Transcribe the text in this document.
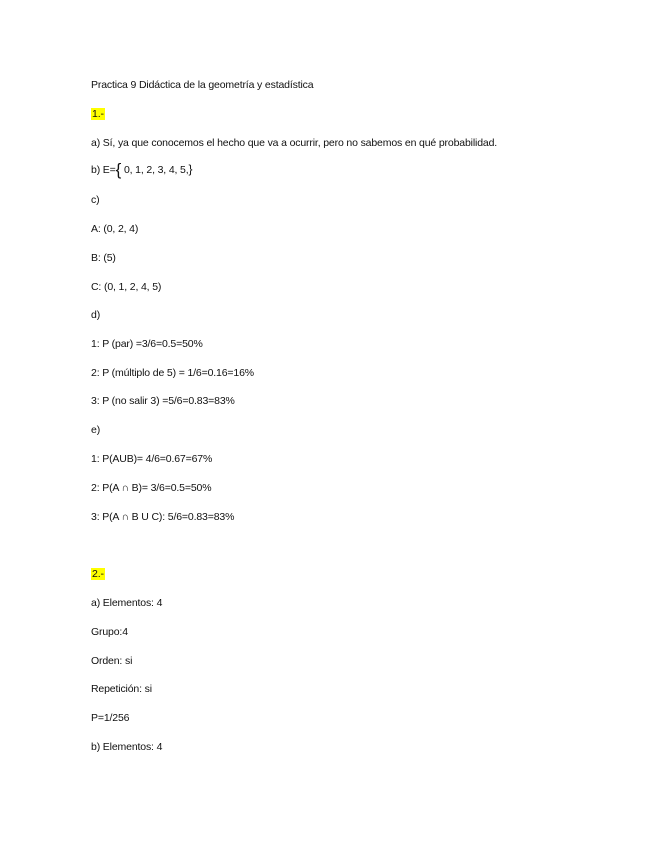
Practica 9 Didáctica de la geometría y estadística
1.-
a) Sí, ya que conocemos el hecho que va a ocurrir, pero no sabemos en qué probabilidad.
b) E={ 0, 1, 2, 3, 4, 5,}
c)
A: (0, 2, 4)
B: (5)
C: (0, 1, 2, 4, 5)
d)
1: P (par) =3/6=0.5=50%
2: P (múltiplo de 5) = 1/6=0.16=16%
3: P (no salir 3) =5/6=0.83=83%
e)
1: P(AUB)= 4/6=0.67=67%
2: P(A ∩ B)= 3/6=0.5=50%
3: P(A ∩ B U C): 5/6=0.83=83%
2.-
a) Elementos: 4
Grupo:4
Orden: si
Repetición: si
P=1/256
b) Elementos: 4
